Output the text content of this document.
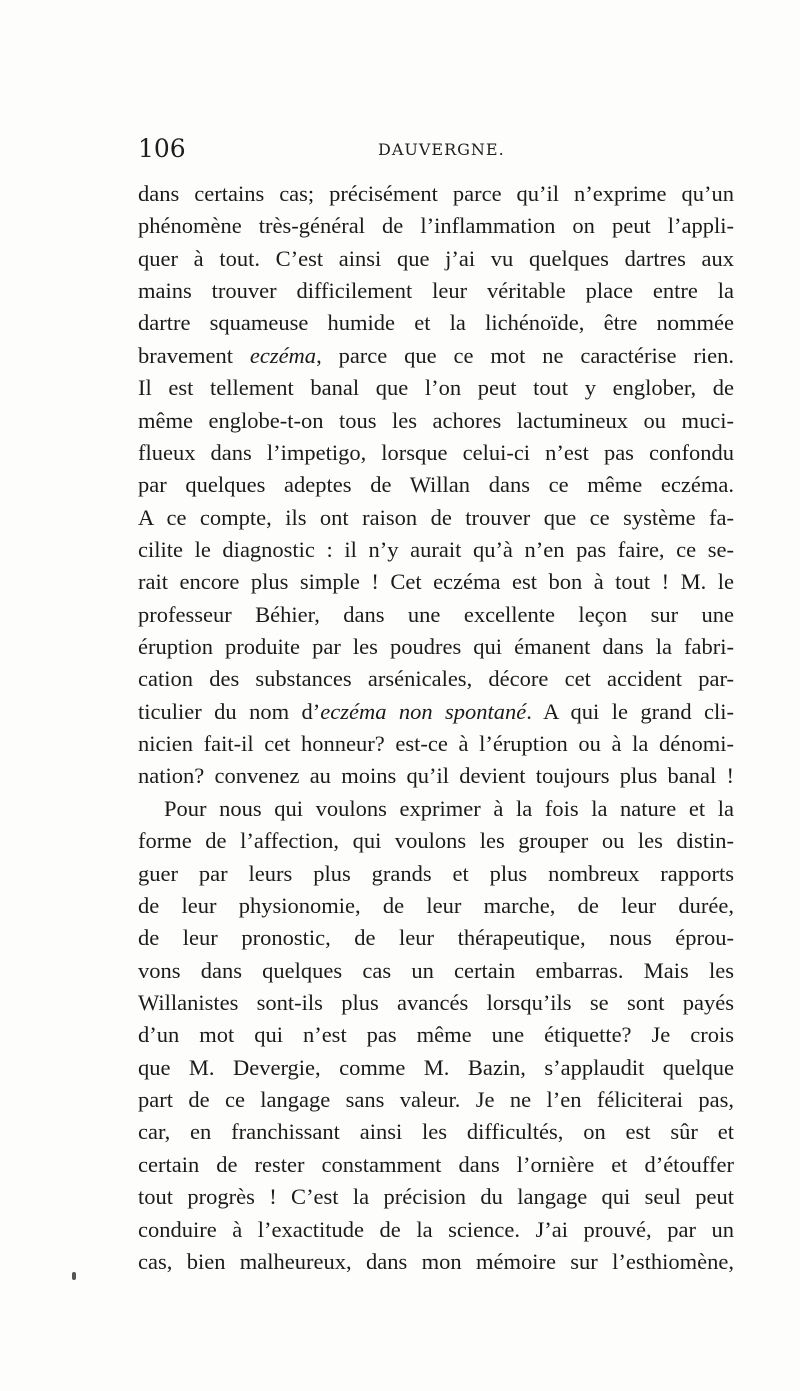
106	DAUVERGNE.
dans certains cas; précisément parce qu’il n’exprime qu’un
phénomène très-général de l’inflammation on peut l’appli-
quer à tout. C’est ainsi que j’ai vu quelques dartres aux
mains trouver difficilement leur véritable place entre la
dartre squameuse humide et la lichénoïde, être nommée
bravement eczéma, parce que ce mot ne caractérise rien.
Il est tellement banal que l’on peut tout y englober, de
même englobe-t-on tous les achores lactumineux ou muci-
flueux dans l’impetigo, lorsque celui-ci n’est pas confondu
par quelques adeptes de Willan dans ce même eczéma.
A ce compte, ils ont raison de trouver que ce système fa-
cilite le diagnostic : il n’y aurait qu’à n’en pas faire, ce se-
rait encore plus simple ! Cet eczéma est bon à tout ! M. le
professeur Béhier, dans une excellente leçon sur une
éruption produite par les poudres qui émanent dans la fabri-
cation des substances arsénicales, décore cet accident par-
ticulier du nom d’eczéma non spontané. A qui le grand cli-
nicien fait-il cet honneur? est-ce à l’éruption ou à la dénomi-
nation? convenez au moins qu’il devient toujours plus banal !
Pour nous qui voulons exprimer à la fois la nature et la
forme de l’affection, qui voulons les grouper ou les distin-
guer par leurs plus grands et plus nombreux rapports
de leur physionomie, de leur marche, de leur durée,
de leur pronostic, de leur thérapeutique, nous éprou-
vons dans quelques cas un certain embarras. Mais les
Willanistes sont-ils plus avancés lorsqu’ils se sont payés
d’un mot qui n’est pas même une étiquette? Je crois
que M. Devergie, comme M. Bazin, s’applaudit quelque
part de ce langage sans valeur. Je ne l’en féliciterai pas,
car, en franchissant ainsi les difficultés, on est sûr et
certain de rester constamment dans l’ornière et d’étouffer
tout progrès ! C’est la précision du langage qui seul peut
conduire à l’exactitude de la science. J’ai prouvé, par un
cas, bien malheureux, dans mon mémoire sur l’esthiomène,
